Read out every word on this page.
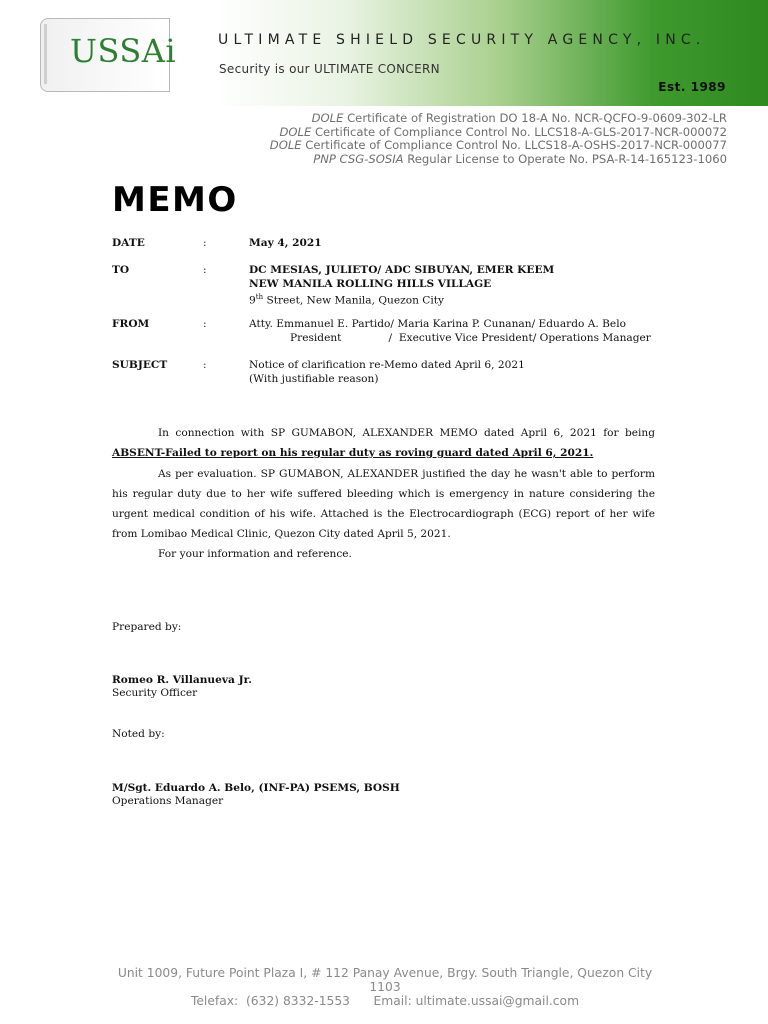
USSAi	ULTIMATE SHIELD SECURITY AGENCY, INC.
Security is our ULTIMATE CONCERN
Est. 1989
DOLE Certificate of Registration DO 18-A No. NCR-QCFO-9-0609-302-LR
DOLE Certificate of Compliance Control No. LLCS18-A-GLS-2017-NCR-000072
DOLE Certificate of Compliance Control No. LLCS18-A-OSHS-2017-NCR-000077
PNP CSG-SOSIA Regular License to Operate No. PSA-R-14-165123-1060
MEMO
DATE	:	May 4, 2021
TO	:	DC MESIAS, JULIETO/ ADC SIBUYAN, EMER KEEM
NEW MANILA ROLLING HILLS VILLAGE
9th Street, New Manila, Quezon City
FROM	:	Atty. Emmanuel E. Partido/ Maria Karina P. Cunanan/ Eduardo A. Belo
President              /  Executive Vice President/ Operations Manager
SUBJECT	:	Notice of clarification re-Memo dated April 6, 2021
(With justifiable reason)
In connection with SP GUMABON, ALEXANDER MEMO dated April 6, 2021 for being ABSENT-Failed to report on his regular duty as roving guard dated April 6, 2021.
As per evaluation. SP GUMABON, ALEXANDER justified the day he wasn't able to perform his regular duty due to her wife suffered bleeding which is emergency in nature considering the urgent medical condition of his wife. Attached is the Electrocardiograph (ECG) report of her wife from Lomibao Medical Clinic, Quezon City dated April 5, 2021.
For your information and reference.
Prepared by:
Romeo R. Villanueva Jr.
Security Officer
Noted by:
M/Sgt. Eduardo A. Belo, (INF-PA) PSEMS, BOSH
Operations Manager
Unit 1009, Future Point Plaza I, # 112 Panay Avenue, Brgy. South Triangle, Quezon City 1103
Telefax:  (632) 8332-1553      Email: ultimate.ussai@gmail.com
